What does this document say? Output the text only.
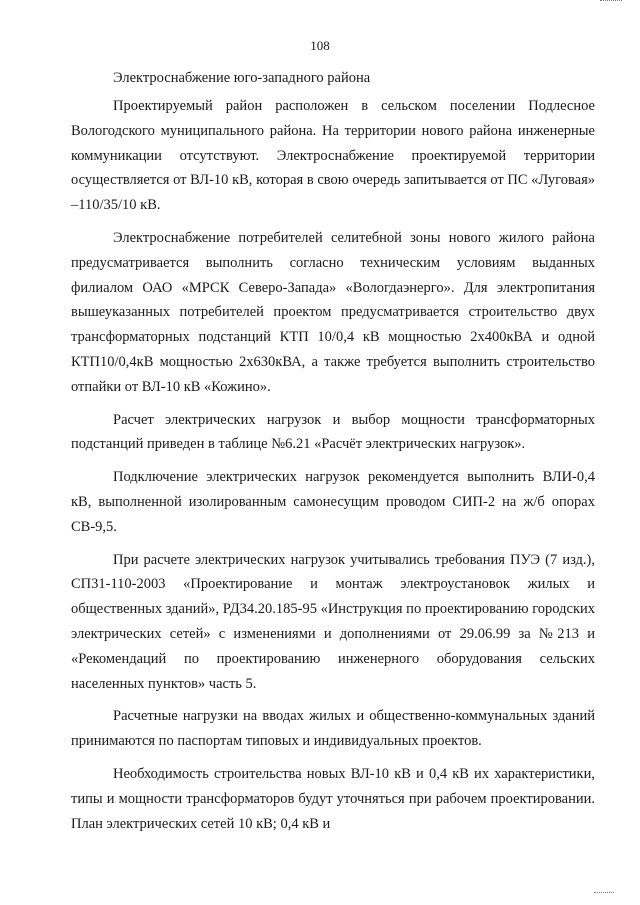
108

Электроснабжение юго-западного района

Проектируемый район расположен в сельском поселении Подлесное Вологодского муниципального района. На территории нового района инженерные коммуникации отсутствуют. Электроснабжение проектируемой территории осуществляется от ВЛ-10 кВ, которая в свою очередь запитывается от ПС «Луговая» –110/35/10 кВ.

Электроснабжение потребителей селитебной зоны нового жилого района предусматривается выполнить согласно техническим условиям выданных филиалом ОАО «МРСК Северо-Запада» «Вологдаэнерго». Для электропитания вышеуказанных потребителей проектом предусматривается строительство двух трансформаторных подстанций КТП 10/0,4 кВ мощностью 2х400кВА и одной КТП10/0,4кВ мощностью 2х630кВА, а также требуется выполнить строительство отпайки от ВЛ-10 кВ «Кожино».

Расчет электрических нагрузок и выбор мощности трансформаторных подстанций приведен в таблице №6.21 «Расчёт электрических нагрузок».

Подключение электрических нагрузок рекомендуется выполнить ВЛИ-0,4 кВ, выполненной изолированным самонесущим проводом СИП-2 на ж/б опорах СВ-9,5.

При расчете электрических нагрузок учитывались требования ПУЭ (7 изд.), СП31-110-2003 «Проектирование и монтаж электроустановок жилых и общественных зданий», РД34.20.185-95 «Инструкция по проектированию городских электрических сетей» с изменениями и дополнениями от 29.06.99 за №213 и «Рекомендаций по проектированию инженерного оборудования сельских населенных пунктов» часть 5.

Расчетные нагрузки на вводах жилых и общественно-коммунальных зданий принимаются по паспортам типовых и индивидуальных проектов.

Необходимость строительства новых ВЛ-10 кВ и 0,4 кВ их характеристики, типы и мощности трансформаторов будут уточняться при рабочем проектировании. План электрических сетей 10 кВ; 0,4 кВ и
